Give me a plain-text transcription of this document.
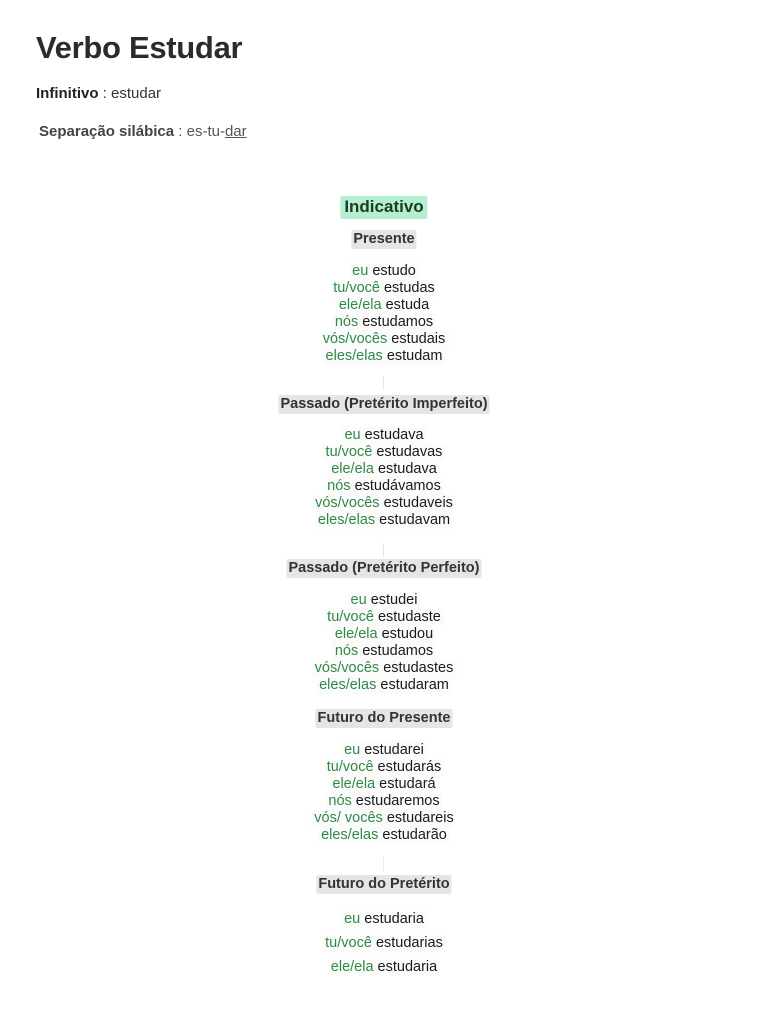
Verbo Estudar
Infinitivo : estudar
Separação silábica : es-tu-dar
Indicativo
Presente
eu estudo
tu/você estudas
ele/ela estuda
nós estudamos
vós/vocês estudais
eles/elas estudam
Passado (Pretérito Imperfeito)
eu estudava
tu/você estudavas
ele/ela estudava
nós estudávamos
vós/vocês estudaveis
eles/elas estudavam
Passado (Pretérito Perfeito)
eu estudei
tu/você estudaste
ele/ela estudou
nós estudamos
vós/vocês estudastes
eles/elas estudaram
Futuro do Presente
eu estudarei
tu/você estudarás
ele/ela estudará
nós estudaremos
vós/ vocês estudareis
eles/elas estudarão
Futuro do Pretérito
eu estudaria
tu/você estudarias
ele/ela estudaria
